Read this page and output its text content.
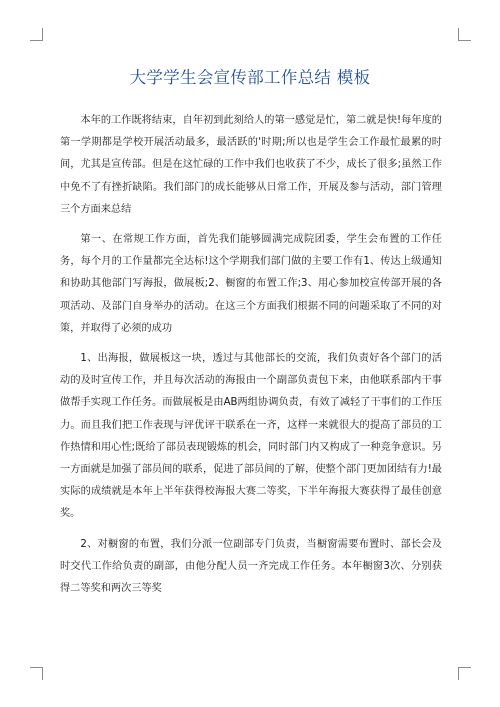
大学学生会宣传部工作总结 模板

本年的工作既将结束，自年初到此刻给人的第一感觉是忙，第二就是快!每年度的第一学期都是学校开展活动最多，最活跃的'时期;所以也是学生会工作最忙最累的时间，尤其是宣传部。但是在这忙碌的工作中我们也收获了不少，成长了很多;虽然工作中免不了有挫折缺陷。我们部门的成长能够从日常工作，开展及参与活动，部门管理三个方面来总结

第一、在常规工作方面，首先我们能够圆满完成院团委，学生会布置的工作任务，每个月的工作量都完全达标!这个学期我们部门做的主要工作有1、传达上级通知和协助其他部门写海报，做展板;2、橱窗的布置工作;3、用心参加校宣传部开展的各项活动、及部门自身举办的活动。在这三个方面我们根据不同的问题采取了不同的对策，并取得了必须的成功

1、出海报，做展板这一块，透过与其他部长的交流，我们负责好各个部门的活动的及时宣传工作，并且每次活动的海报由一个副部负责包下来，由他联系部内干事做帮手实现工作任务。而做展板是由AB两组协调负责，有效了减轻了干事们的工作压力。而且我们把工作表现与评优评干联系在一齐，这样一来就很大的提高了部员的工作热情和用心性;既给了部员表现锻炼的机会，同时部门内又构成了一种竞争意识。另一方面就是加强了部员间的联系，促进了部员间的了解，使整个部门更加团结有力!最实际的成绩就是本年上半年获得校海报大赛二等奖，下半年海报大赛获得了最佳创意奖。

2、对橱窗的布置，我们分派一位副部专门负责，当橱窗需要布置时、部长会及时交代工作给负责的副部，由他分配人员一齐完成工作任务。本年橱窗3次、分别获得二等奖和两次三等奖
